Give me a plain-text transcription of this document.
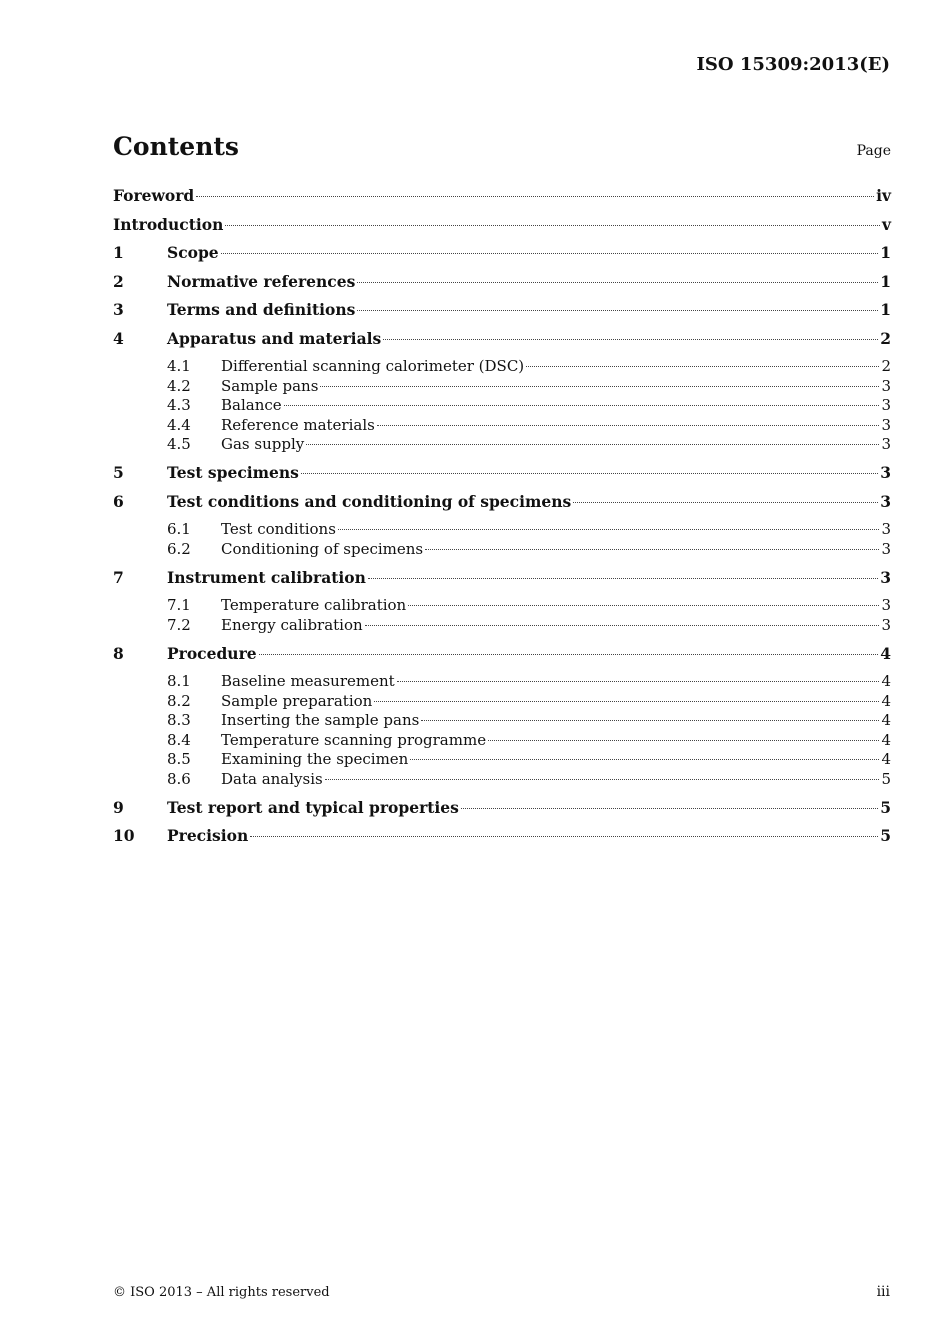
ISO 15309:2013(E)
Contents	Page
Foreword	iv
Introduction	v
1	Scope	1
2	Normative references	1
3	Terms and definitions	1
4	Apparatus and materials	2
4.1	Differential scanning calorimeter (DSC)	2
4.2	Sample pans	3
4.3	Balance	3
4.4	Reference materials	3
4.5	Gas supply	3
5	Test specimens	3
6	Test conditions and conditioning of specimens	3
6.1	Test conditions	3
6.2	Conditioning of specimens	3
7	Instrument calibration	3
7.1	Temperature calibration	3
7.2	Energy calibration	3
8	Procedure	4
8.1	Baseline measurement	4
8.2	Sample preparation	4
8.3	Inserting the sample pans	4
8.4	Temperature scanning programme	4
8.5	Examining the specimen	4
8.6	Data analysis	5
9	Test report and typical properties	5
10	Precision	5
© ISO 2013 – All rights reserved	iii
